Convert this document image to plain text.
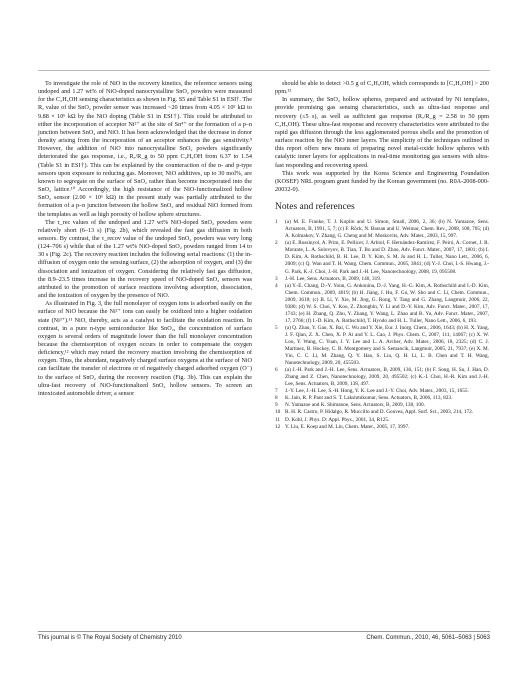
To investigate the role of NiO in the recovery kinetics, the reference sensors using undoped and 1.27 wt% of NiO-doped nanocrystalline SnO₂ powders were measured for the C₂H₅OH sensing characteristics as shown in Fig. S5 and Table S1 in ESI†. The Rₐ value of the SnO₂ powder sensor was increased ~20 times from 4.05 × 10⁵ kΩ to 9.88 × 10⁶ kΩ by the NiO doping (Table S1 in ESI†). This could be attributed to either the incorporation of acceptor Ni²⁺ at the site of Sn⁴⁺ or the formation of a p–n junction between SnO₂ and NiO. It has been acknowledged that the decrease in donor density arising from the incorporation of an acceptor enhances the gas sensitivity.⁹ However, the addition of NiO into nanocrystalline SnO₂ powders significantly deteriorated the gas response, i.e., Rₐ/R_g to 50 ppm C₂H₅OH from 6.37 to 1.54 (Table S1 in ESI†). This can be explained by the counteraction of the n- and p-type sensors upon exposure to reducing gas. Moreover, NiO additives, up to 30 mol%, are known to segregate on the surface of SnO₂ rather than become incorporated into the SnO₂ lattice.¹⁰ Accordingly, the high resistance of the NiO-functionalized hollow SnO₂ sensor (2.00 × 10⁶ kΩ) in the present study was partially attributed to the formation of a p–n junction between the hollow SnO₂ and residual NiO formed from the templates as well as high porosity of hollow sphere structures.

The τ_rec values of the undoped and 1.27 wt% NiO-doped SnO₂ powders were relatively short (6–13 s) (Fig. 2b), which revealed the fast gas diffusion in both sensors. By contrast, the τ_recov value of the undoped SnO₂ powders was very long (124–706 s) while that of the 1.27 wt% NiO-doped SnO₂ powders ranged from 14 to 30 s (Fig. 2c). The recovery reaction includes the following serial reactions: (1) the in-diffusion of oxygen onto the sensing surface, (2) the adsorption of oxygen, and (3) the dissociation and ionization of oxygen. Considering the relatively fast gas diffusion, the 8.9–23.5 times increase in the recovery speed of NiO-doped SnO₂ sensors was attributed to the promotion of surface reactions involving adsorption, dissociation, and the ionization of oxygen by the presence of NiO.

As illustrated in Fig. 3, the full monolayer of oxygen ions is adsorbed easily on the surface of NiO because the Ni²⁺ ions can easily be oxidized into a higher oxidation state (Ni³⁺).¹¹ NiO, thereby, acts as a catalyst to facilitate the oxidation reaction. In contrast, in a pure n-type semiconductor like SnO₂, the concentration of surface oxygen is several orders of magnitude lower than the full monolayer concentration because the chemisorption of oxygen occurs in order to compensate the oxygen deficiency,¹² which may retard the recovery reaction involving the chemisorption of oxygen. Thus, the abundant, negatively charged surface oxygens at the surface of NiO can facilitate the transfer of electrons or of negatively charged adsorbed oxygen (O⁻) to the surface of SnO₂ during the recovery reaction (Fig. 3b). This can explain the ultra-fast recovery of NiO-functionalized SnO₂ hollow sensors. To screen an intoxicated automobile driver, a sensor

should be able to detect >0.5 g of C₂H₅OH, which corresponds to [C₂H₅OH] > 200 ppm.¹²

In summary, the SnO₂ hollow spheres, prepared and activated by Ni templates, provide promising gas sensing characteristics, such as ultra-fast response and recovery (≤5 s), as well as sufficient gas response (Rₐ/R_g = 2.58 to 50 ppm C₂H₅OH). These ultra-fast response and recovery characteristics were attributed to the rapid gas diffusion through the less agglomerated porous shells and the promotion of surface reaction by the NiO inner layers. The simplicity of the techniques outlined in this report offers new means of preparing novel metal-oxide hollow spheres with catalytic inner layers for applications in real-time monitoring gas sensors with ultra-fast responding and recovering speed.

This work was supported by the Korea Science and Engineering Foundation (KOSEF) NRL program grant funded by the Korean government (no. R0A-2008-000-20032-0).

Notes and references
1	(a) M. E. Franke, T. J. Koplin and U. Simon, Small, 2006, 2, 36; (b) N. Yamazoe, Sens. Actuators, B, 1991, 5, 7; (c) F. Röck, N. Barsan and U. Weimar, Chem. Rev., 2008, 108, 705; (d) A. Kolmakov, Y. Zhang, G. Cheng and M. Moskovits, Adv. Mater., 2003, 15, 997.
2	(a) E. Rossinyol, A. Prim, E. Pellicer, J. Arbiol, F. Hernández-Ramírez, F. Peiró, A. Cornet, J. R. Morante, L. A. Solovyov, B. Tian, T. Bo and D. Zhao, Adv. Funct. Mater., 2007, 17, 1801; (b) I. D. Kim, A. Rothschild, B. H. Lee, D. Y. Kim, S. M. Jo and H. L. Tuller, Nano Lett., 2006, 6, 2009; (c) Q. Wan and T. H. Wang, Chem. Commun., 2005, 3841; (d) Y.-J. Choi, I.-S. Hwang, J.-G. Park, K.-J. Choi, J.-H. Park and J.-H. Lee, Nanotechnology, 2008, 19, 095508.
3	J.-H. Lee, Sens. Actuators, B, 2009, 140, 319.
4	(a) Y.-E. Chang, D.-Y. Youn, G. Ankonina, D.-J. Yang, H.-G. Kim, A. Rothschild and I.-D. Kim, Chem. Commun., 2009, 4019; (b) H. Jiang, J. Hu, F. Gu, W. Sho and C. Li, Chem. Commun., 2009, 3618; (c) B. Li, Y. Xie, M. Jing, G. Rong, Y. Tang and G. Zhang, Langmuir, 2006, 22, 9380; (d) W. S. Choi, Y. Koo, Z. Zhongbin, Y. Li and D.-Y. Kim, Adv. Funct. Mater., 2007, 17, 1743; (e) H. Zhang, Q. Zhu, Y. Zhang, Y. Wang, L. Zhao and B. Yu, Adv. Funct. Mater., 2007, 17, 2766; (f) I.-D. Kim, A. Rothschild, T. Hyodo and H. L. Tuller, Nano Lett., 2006, 6, 193.
5	(a) Q. Zhao, Y. Gao, X. Bai, C. Wu and Y. Xie, Eur. J. Inorg. Chem., 2006, 1643; (b) H. X. Yang, J. F. Qian, Z. X. Chen, X. P. Ai and Y. L. Cao, J. Phys. Chem. C, 2007, 111, 14067; (c) X. W. Lou, Y. Wang, C. Yuan, J. Y. Lee and L. A. Archer, Adv. Mater., 2006, 18, 2325; (d) C. J. Martinez, B. Hockey, C. B. Montgomery and S. Semancik, Langmuir, 2005, 21, 7937; (e) X. M. Yin, C. C. Li, M. Zhang, Q. Y. Hao, S. Liu, Q. H. Li, L. B. Chen and T. H. Wang, Nanotechnology, 2009, 20, 455503.
6	(a) J.-H. Park and J.-H. Lee, Sens. Actuators, B, 2009, 136, 151; (b) F. Song, H. Su, J. Han, D. Zhang and Z. Chen, Nanotechnology, 2009, 20, 495502; (c) K.-I. Choi, H.-R. Kim and J.-H. Lee, Sens. Actuators, B, 2009, 138, 497.
7	J.-Y. Lee, J.-H. Lee, S.-H. Hong, Y. K. Lee and J.-Y. Choi, Adv. Mater., 2003, 15, 1655.
8	K. Jain, R. P. Pant and S. T. Lakshmikumar, Sens. Actuators, B, 2006, 113, 823.
9	N. Yamazoe and K. Shimanoe, Sens. Actuators, B, 2009, 138, 100.
10 R. H. R. Castro, P. Hidalgo, R. Muccillo and D. Gouvea, Appl. Surf. Sci., 2003, 214, 172.
11 D. Kohl, J. Phys. D: Appl. Phys., 2001, 34, R125.
12 Y. Liu, E. Koep and M. Liu, Chem. Mater., 2005, 17, 3997.
This journal is © The Royal Society of Chemistry 2010	Chem. Commun., 2010, 46, 5061–5063 | 5063
